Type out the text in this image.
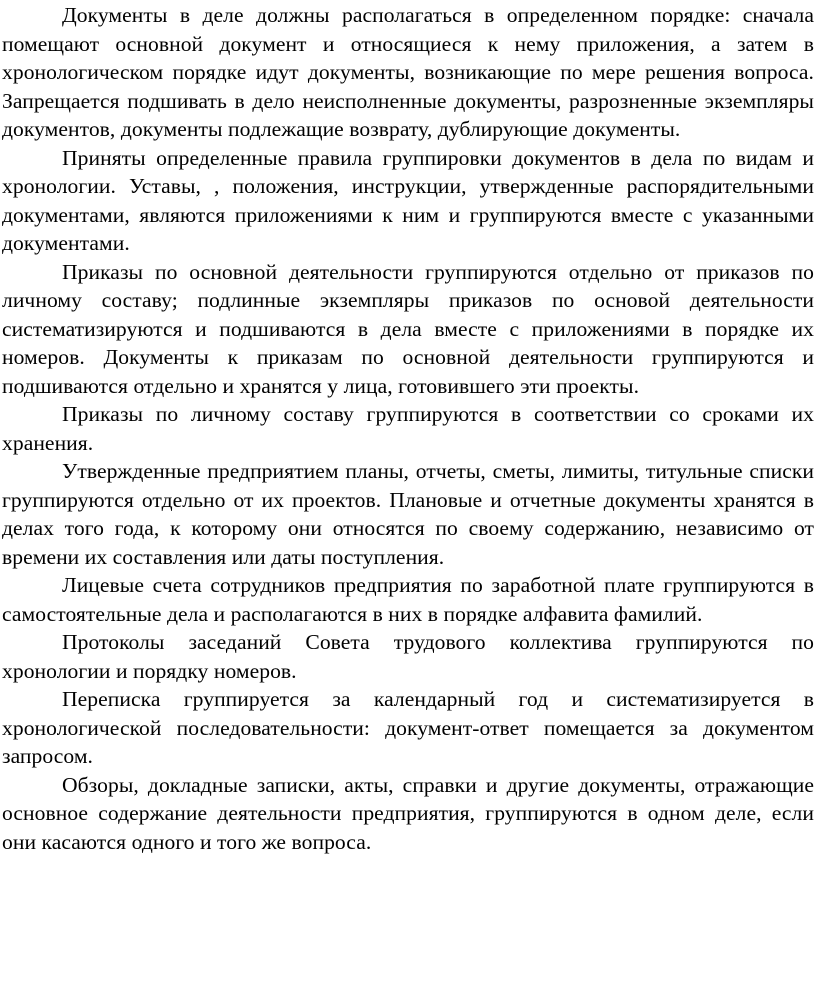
Документы в деле должны располагаться в определенном порядке: сначала помещают основной документ и относящиеся к нему приложения, а затем в хронологическом порядке идут документы, возникающие по мере решения вопроса. Запрещается подшивать в дело неисполненные документы, разрозненные экземпляры документов, документы подлежащие возврату, дублирующие документы.

Приняты определенные правила группировки документов в дела по видам и хронологии. Уставы, , положения, инструкции, утвержденные распорядительными документами, являются приложениями к ним и группируются вместе с указанными документами.

Приказы по основной деятельности группируются отдельно от приказов по личному составу; подлинные экземпляры приказов по основой деятельности систематизируются и подшиваются в дела вместе с приложениями в порядке их номеров. Документы к приказам по основной деятельности группируются и подшиваются отдельно и хранятся у лица, готовившего эти проекты.

Приказы по личному составу группируются в соответствии со сроками их хранения.

Утвержденные предприятием планы, отчеты, сметы, лимиты, титульные списки группируются отдельно от их проектов. Плановые и отчетные документы хранятся в делах того года, к которому они относятся по своему содержанию, независимо от времени их составления или даты поступления.

Лицевые счета сотрудников предприятия по заработной плате группируются в самостоятельные дела и располагаются в них в порядке алфавита фамилий.

Протоколы заседаний Совета трудового коллектива группируются по хронологии и порядку номеров.

Переписка группируется за календарный год и систематизируется в хронологической последовательности: документ-ответ помещается за документом запросом.

Обзоры, докладные записки, акты, справки и другие документы, отражающие основное содержание деятельности предприятия, группируются в одном деле, если они касаются одного и того же вопроса.
